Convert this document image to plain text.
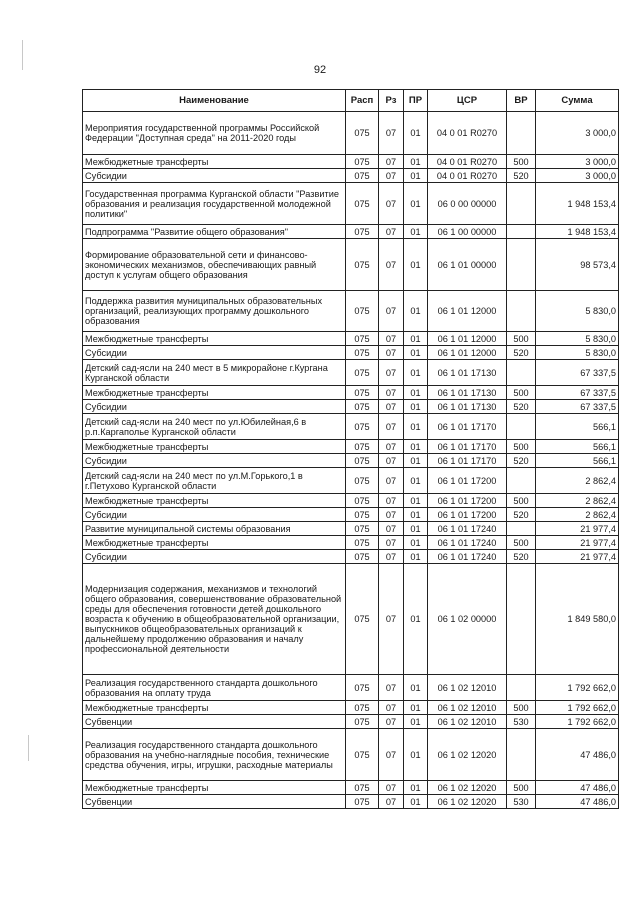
92
Наименование	Расп	Рз	ПР	ЦСР	ВР	Сумма
Мероприятия государственной программы Российской Федерации "Доступная среда" на 2011-2020 годы	075	07	01	04 0 01 R0270		3 000,0
Межбюджетные трансферты	075	07	01	04 0 01 R0270	500	3 000,0
Субсидии	075	07	01	04 0 01 R0270	520	3 000,0
Государственная программа Курганской области "Развитие образования и реализация государственной молодежной политики"	075	07	01	06 0 00 00000		1 948 153,4
Подпрограмма "Развитие общего образования"	075	07	01	06 1 00 00000		1 948 153,4
Формирование образовательной сети и финансово-экономических механизмов, обеспечивающих равный доступ к услугам общего образования	075	07	01	06 1 01 00000		98 573,4
Поддержка развития муниципальных образовательных организаций, реализующих программу дошкольного образования	075	07	01	06 1 01 12000		5 830,0
Межбюджетные трансферты	075	07	01	06 1 01 12000	500	5 830,0
Субсидии	075	07	01	06 1 01 12000	520	5 830,0
Детский сад-ясли на 240 мест в 5 микрорайоне г.Кургана Курганской области	075	07	01	06 1 01 17130		67 337,5
Межбюджетные трансферты	075	07	01	06 1 01 17130	500	67 337,5
Субсидии	075	07	01	06 1 01 17130	520	67 337,5
Детский сад-ясли на 240 мест по ул.Юбилейная,6 в р.п.Каргаполье Курганской области	075	07	01	06 1 01 17170		566,1
Межбюджетные трансферты	075	07	01	06 1 01 17170	500	566,1
Субсидии	075	07	01	06 1 01 17170	520	566,1
Детский сад-ясли на 240 мест по ул.М.Горького,1 в г.Петухово Курганской области	075	07	01	06 1 01 17200		2 862,4
Межбюджетные трансферты	075	07	01	06 1 01 17200	500	2 862,4
Субсидии	075	07	01	06 1 01 17200	520	2 862,4
Развитие муниципальной системы образования	075	07	01	06 1 01 17240		21 977,4
Межбюджетные трансферты	075	07	01	06 1 01 17240	500	21 977,4
Субсидии	075	07	01	06 1 01 17240	520	21 977,4
Модернизация содержания, механизмов и технологий общего образования, совершенствование образовательной среды для обеспечения готовности детей дошкольного возраста к обучению в общеобразовательной организации, выпускников общеобразовательных организаций к дальнейшему продолжению образования и началу профессиональной деятельности	075	07	01	06 1 02 00000		1 849 580,0
Реализация государственного стандарта дошкольного образования на оплату труда	075	07	01	06 1 02 12010		1 792 662,0
Межбюджетные трансферты	075	07	01	06 1 02 12010	500	1 792 662,0
Субвенции	075	07	01	06 1 02 12010	530	1 792 662,0
Реализация государственного стандарта дошкольного образования на учебно-наглядные пособия, технические средства обучения, игры, игрушки, расходные материалы	075	07	01	06 1 02 12020		47 486,0
Межбюджетные трансферты	075	07	01	06 1 02 12020	500	47 486,0
Субвенции	075	07	01	06 1 02 12020	530	47 486,0
